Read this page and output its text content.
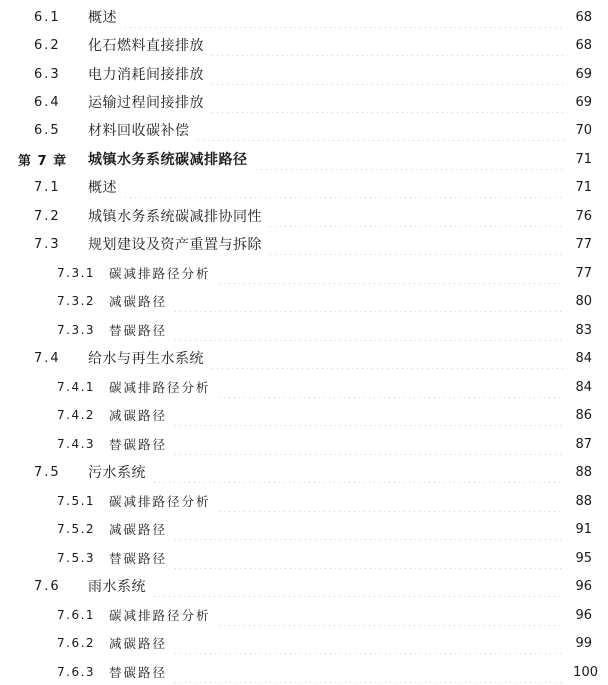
6.1	概述	68
6.2	化石燃料直接排放	68
6.3	电力消耗间接排放	69
6.4	运输过程间接排放	69
6.5	材料回收碳补偿	70
第 7 章	城镇水务系统碳减排路径	71
7.1	概述	71
7.2	城镇水务系统碳减排协同性	76
7.3	规划建设及资产重置与拆除	77
7.3.1	碳减排路径分析	77
7.3.2	减碳路径	80
7.3.3	替碳路径	83
7.4	给水与再生水系统	84
7.4.1	碳减排路径分析	84
7.4.2	减碳路径	86
7.4.3	替碳路径	87
7.5	污水系统	88
7.5.1	碳减排路径分析	88
7.5.2	减碳路径	91
7.5.3	替碳路径	95
7.6	雨水系统	96
7.6.1	碳减排路径分析	96
7.6.2	减碳路径	99
7.6.3	替碳路径	100
